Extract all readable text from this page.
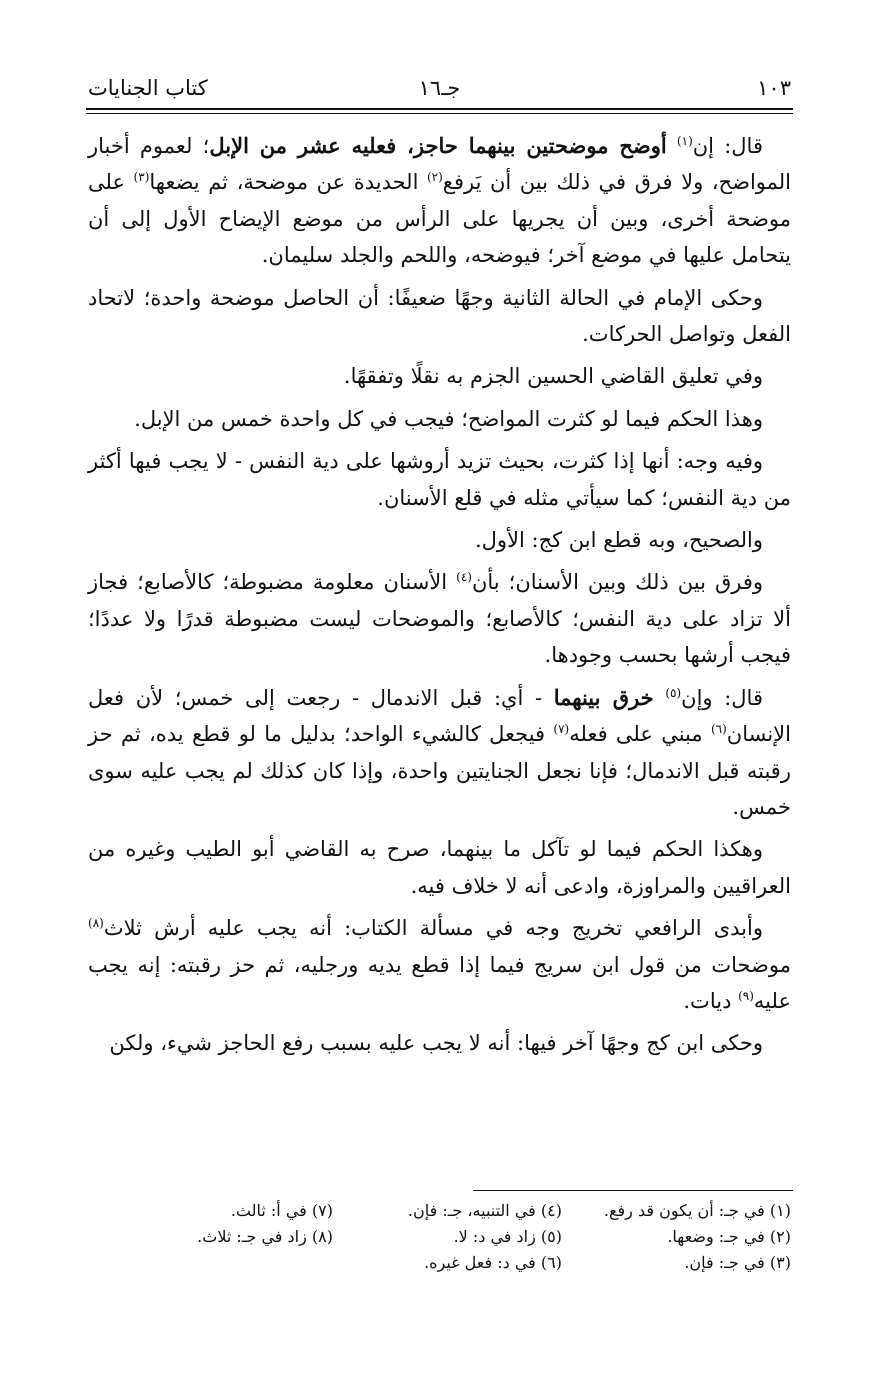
١٠٣
جـ١٦
كتاب الجنايات

قال: إن$^{(١)}$ أوضح موضحتين بينهما حاجز، فعليه عشر من الإبل؛ لعموم أخبار المواضح، ولا فرق في ذلك بين أن يَرفع$^{(٢)}$ الحديدة عن موضحة، ثم يضعها$^{(٣)}$ على موضحة أخرى، وبين أن يجريها على الرأس من موضع الإيضاح الأول إلى أن يتحامل عليها في موضع آخر؛ فيوضحه، واللحم والجلد سليمان.

وحكى الإمام في الحالة الثانية وجهًا ضعيفًا: أن الحاصل موضحة واحدة؛ لاتحاد الفعل وتواصل الحركات.

وفي تعليق القاضي الحسين الجزم به نقلًا وتفقهًا.

وهذا الحكم فيما لو كثرت المواضح؛ فيجب في كل واحدة خمس من الإبل.

وفيه وجه: أنها إذا كثرت، بحيث تزيد أروشها على دية النفس - لا يجب فيها أكثر من دية النفس؛ كما سيأتي مثله في قلع الأسنان.

والصحيح، وبه قطع ابن كج: الأول.

وفرق بين ذلك وبين الأسنان؛ بأن$^{(٤)}$ الأسنان معلومة مضبوطة؛ كالأصابع؛ فجاز ألا تزاد على دية النفس؛ كالأصابع؛ والموضحات ليست مضبوطة قدرًا ولا عددًا؛ فيجب أرشها بحسب وجودها.

قال: وإن$^{(٥)}$ خرق بينهما - أي: قبل الاندمال - رجعت إلى خمس؛ لأن فعل الإنسان$^{(٦)}$ مبني على فعله$^{(٧)}$ فيجعل كالشيء الواحد؛ بدليل ما لو قطع يده، ثم حز رقبته قبل الاندمال؛ فإنا نجعل الجنايتين واحدة، وإذا كان كذلك لم يجب عليه سوى خمس.

وهكذا الحكم فيما لو تآكل ما بينهما، صرح به القاضي أبو الطيب وغيره من العراقيين والمراوزة، وادعى أنه لا خلاف فيه.

وأبدى الرافعي تخريج وجه في مسألة الكتاب: أنه يجب عليه أرش ثلاث$^{(٨)}$ موضحات من قول ابن سريج فيما إذا قطع يديه ورجليه، ثم حز رقبته: إنه يجب عليه$^{(٩)}$ ديات.

وحكى ابن كج وجهًا آخر فيها: أنه لا يجب عليه بسبب رفع الحاجز شيء، ولكن

(١) في جـ: أن يكون قد رفع.
(٢) في جـ: وضعها.
(٣) في جـ: فإن.
(٤) في التنبيه، جـ: فإن.
(٥) زاد في د: لا.
(٦) في د: فعل غيره.
(٧) في أ: ثالث.
(٨) زاد في جـ: ثلاث.
